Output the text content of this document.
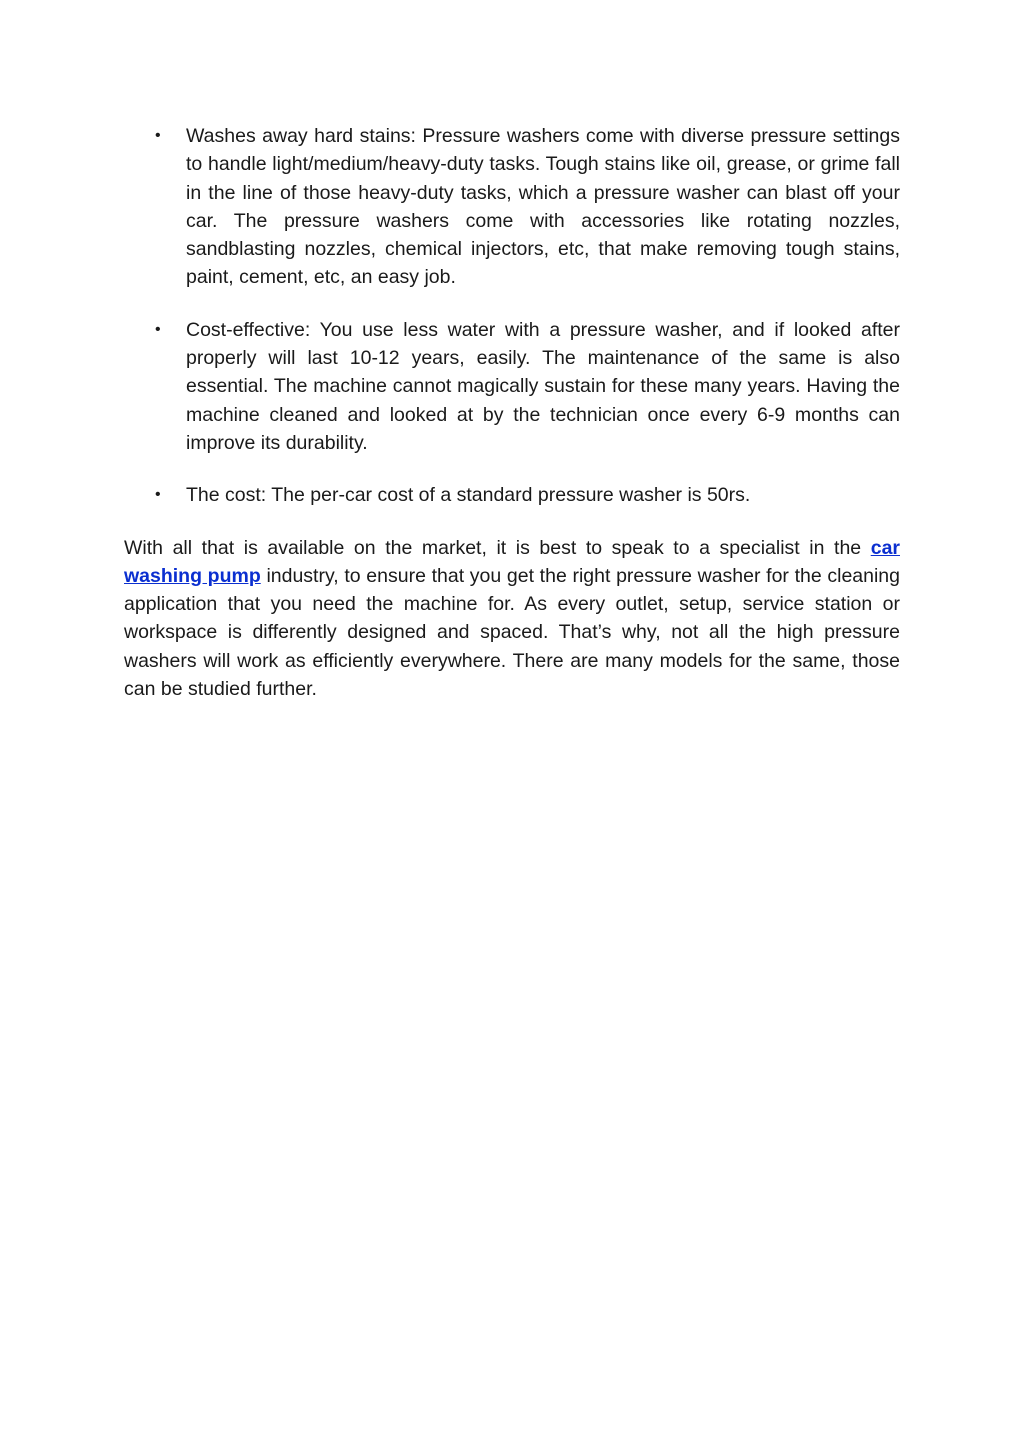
• Washes away hard stains: Pressure washers come with diverse pressure settings to handle light/medium/heavy-duty tasks. Tough stains like oil, grease, or grime fall in the line of those heavy-duty tasks, which a pressure washer can blast off your car. The pressure washers come with accessories like rotating nozzles, sandblasting nozzles, chemical injectors, etc, that make removing tough stains, paint, cement, etc, an easy job.
• Cost-effective: You use less water with a pressure washer, and if looked after properly will last 10-12 years, easily. The maintenance of the same is also essential. The machine cannot magically sustain for these many years. Having the machine cleaned and looked at by the technician once every 6-9 months can improve its durability.
• The cost: The per-car cost of a standard pressure washer is 50rs.

With all that is available on the market, it is best to speak to a specialist in the car washing pump industry, to ensure that you get the right pressure washer for the cleaning application that you need the machine for. As every outlet, setup, service station or workspace is differently designed and spaced. That’s why, not all the high pressure washers will work as efficiently everywhere. There are many models for the same, those can be studied further.
